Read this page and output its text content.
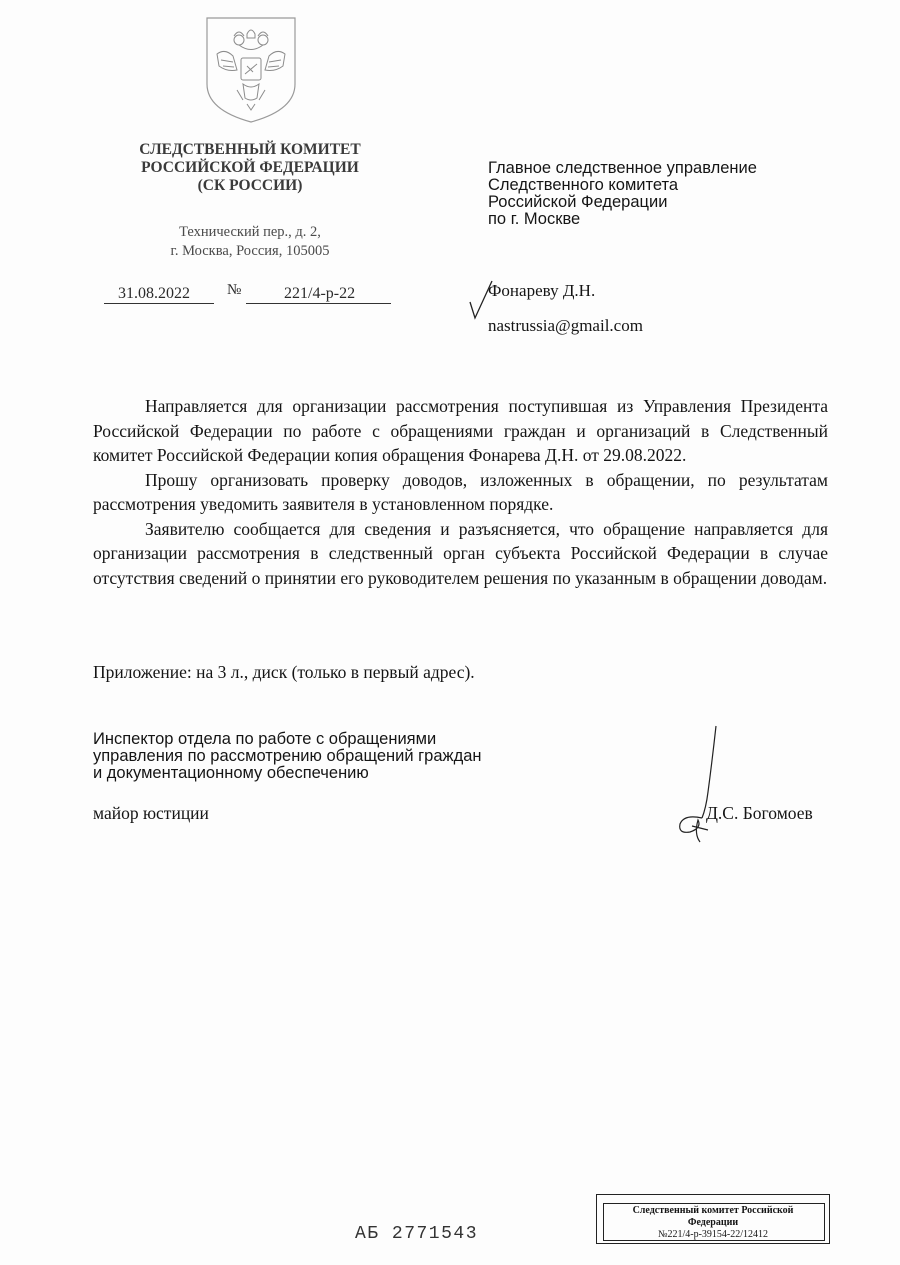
СЛЕДСТВЕННЫЙ КОМИТЕТ
РОССИЙСКОЙ ФЕДЕРАЦИИ
(СК РОССИИ)
Технический пер., д. 2,
г. Москва, Россия, 105005
31.08.2022 №	221/4-р-22
Главное следственное управление
Следственного комитета
Российской Федерации
по г. Москве
Фонареву Д.Н.
nastrussia@gmail.com

Направляется для организации рассмотрения поступившая из Управления Президента Российской Федерации по работе с обращениями граждан и организаций в Следственный комитет Российской Федерации копия обращения Фонарева Д.Н. от 29.08.2022.

Прошу организовать проверку доводов, изложенных в обращении, по результатам рассмотрения уведомить заявителя в установленном порядке.

Заявителю сообщается для сведения и разъясняется, что обращение направляется для организации рассмотрения в следственный орган субъекта Российской Федерации в случае отсутствия сведений о принятии его руководителем решения по указанным в обращении доводам.

Приложение: на 3 л., диск (только в первый адрес).
Инспектор отдела по работе с обращениями
управления по рассмотрению обращений граждан
и документационному обеспечению
майор юстиции	Д.С. Богомоев
АБ 2771543
Следственный комитет Российской
Федерации
№221/4-р-39154-22/12412
